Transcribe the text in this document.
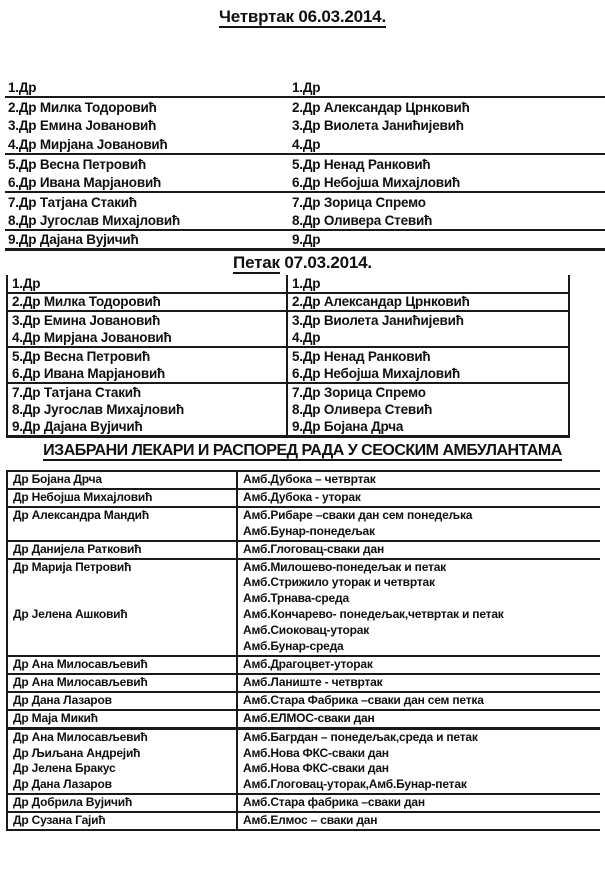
Четвртак 06.03.2014.
1.Др	1.Др
2.Др Милка Тодоровић	2.Др Александар Црнковић
3.Др Емина Јовановић	3.Др Виолета Јанићијевић
4.Др Мирјана Јовановић	4.Др
5.Др Весна Петровић	5.Др Ненад Ранковић
6.Др Ивана Марјановић	6.Др Небојша Михајловић
7.Др Татјана Стакић	7.Др Зорица Спремо
8.Др Југослав Михајловић	8.Др Оливера Стевић
9.Др Дајана Вујичић	9.Др
Петак 07.03.2014.
1.Др	1.Др
2.Др Милка Тодоровић	2.Др Александар Црнковић
3.Др Емина Јовановић	3.Др Виолета Јанићијевић
4.Др Мирјана Јовановић	4.Др
5.Др Весна Петровић	5.Др Ненад Ранковић
6.Др Ивана Марјановић	6.Др Небојша Михајловић
7.Др Татјана Стакић	7.Др Зорица Спремо
8.Др Југослав Михајловић	8.Др Оливера Стевић
9.Др Дајана Вујичић	9.Др Бојана Дрча
ИЗАБРАНИ ЛЕКАРИ И РАСПОРЕД РАДА У СЕОСКИМ АМБУЛАНТАМА
Др Бојана Дрча	Амб.Дубока – четвртак

Др Небојша Михајловић	Амб.Дубока - уторак

Др Александра Мандић	Амб.Рибаре –сваки дан сем понедељка
Амб.Бунар-понедељак

Др Данијела Ратковић	Амб.Глоговац-сваки дан

Др Марија Петровић	Амб.Милошево-понедељак и петак
Амб.Стрижило уторак и четвртак
Амб.Трнава-среда

Др Јелена Ашковић	Амб.Кончарево- понедељак,четвртак и петак
Амб.Сиоковац-уторак
Амб.Бунар-среда

Др Ана Милосављевић	Амб.Драгоцвет-уторак

Др Ана Милосављевић	Амб.Ланиште - четвртак

Др Дана Лазаров	Амб.Стара Фабрика –сваки дан сем петка

Др Маја Микић	Амб.ЕЛМОС-сваки дан

Др Ана Милосављевић	Амб.Багрдан – понедељак,среда и петак

Др Љиљана Андрејић	Амб.Нова ФКС-сваки дан

Др Јелена Бракус	Амб.Нова ФКС-сваки дан

Др Дана Лазаров	Амб.Глоговац-уторак,Амб.Бунар-петак

Др Добрила Вујичић	Амб.Стара фабрика –сваки дан

Др Сузана Гајић	Амб.Елмос – сваки дан
